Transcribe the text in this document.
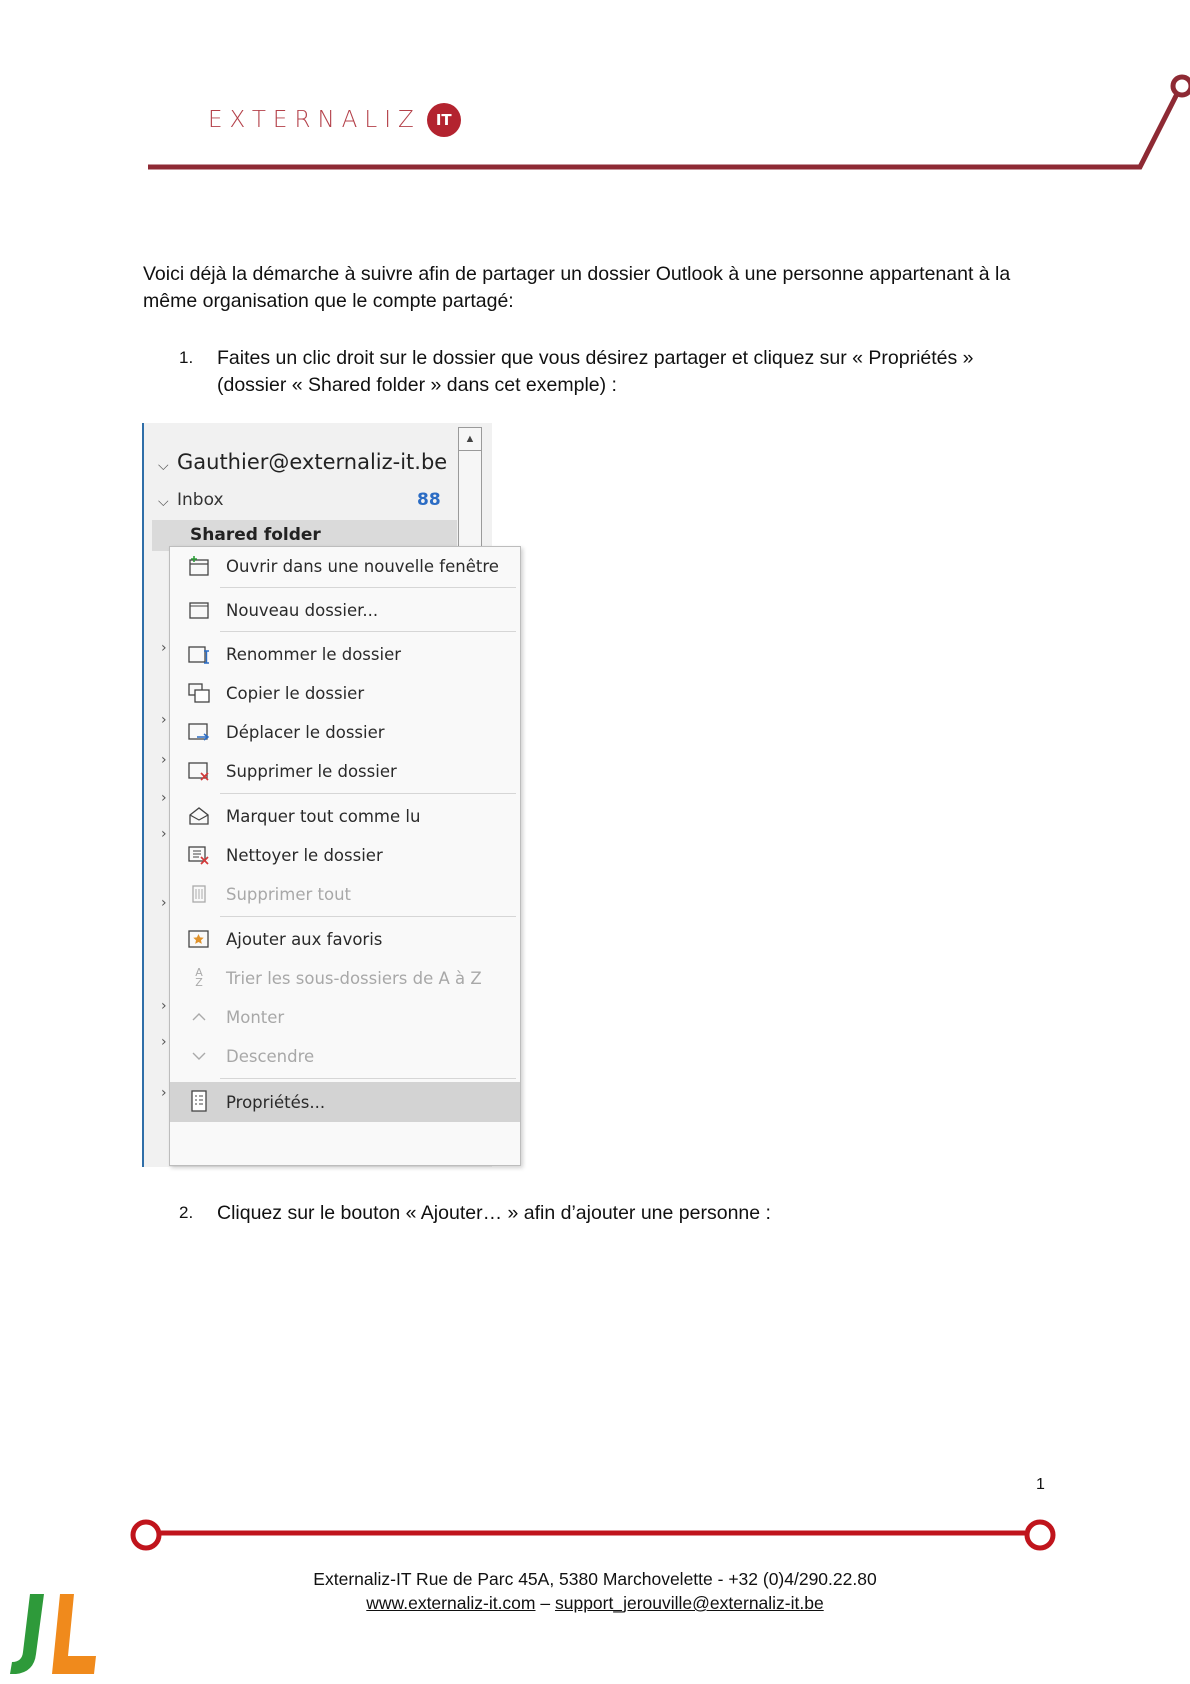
EXTERNALIZ	IT
Voici déjà la démarche à suivre afin de partager un dossier Outlook à une personne appartenant à la même organisation que le compte partagé:
1. Faites un clic droit sur le dossier que vous désirez partager et cliquez sur « Propriétés »
(dossier « Shared folder » dans cet exemple) :
▲
⌵ Gauthier@externaliz-it.be
⌵ Inbox	88
Shared folder
›
›
›
›
›
›
›
›
›
Ouvrir dans une nouvelle fenêtre
Nouveau dossier...
Renommer le dossier
Copier le dossier
Déplacer le dossier
Supprimer le dossier
Marquer tout comme lu
Nettoyer le dossier
Supprimer tout
Ajouter aux favoris
A
Z	Trier les sous-dossiers de A à Z
Monter
Descendre
Propriétés...
2. Cliquez sur le bouton « Ajouter… » afin d’ajouter une personne :
1
Externaliz-IT Rue de Parc 45A, 5380 Marchovelette - +32 (0)4/290.22.80
www.externaliz-it.com – support_jerouville@externaliz-it.be
